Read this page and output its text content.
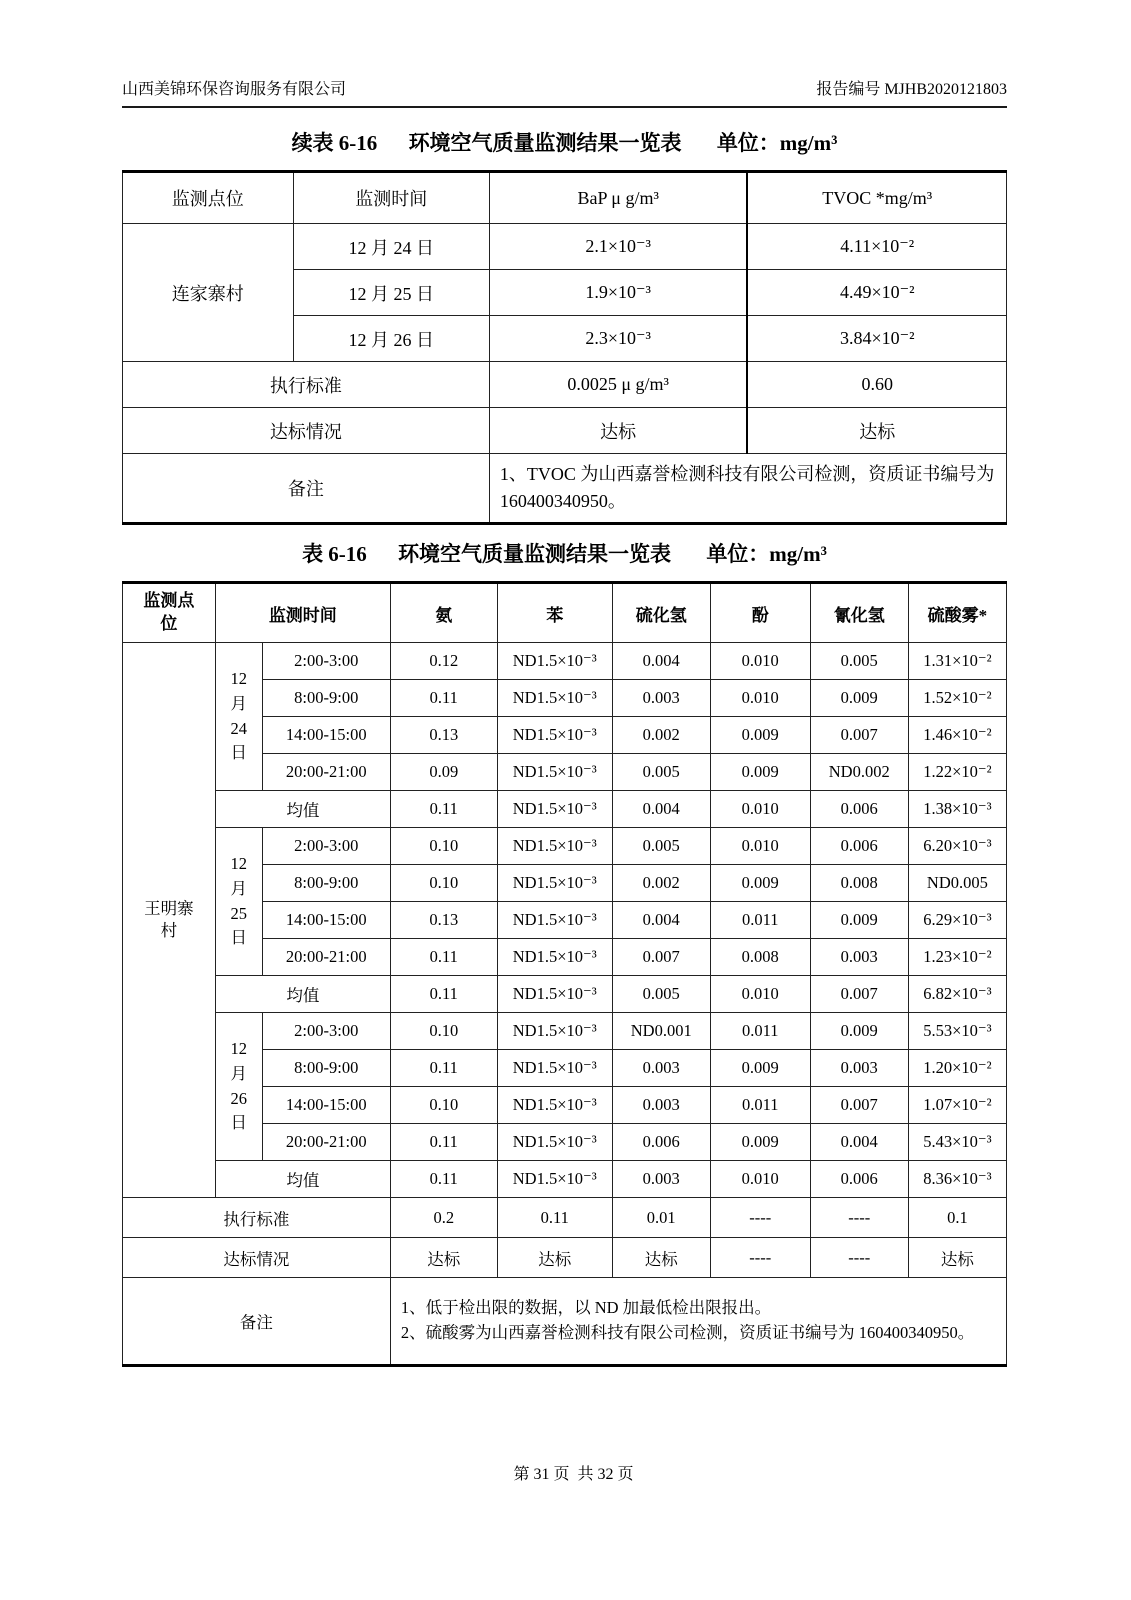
山西美锦环保咨询服务有限公司	报告编号 MJHB2020121803
续表 6-16 环境空气质量监测结果一览表 单位：mg/m³
监测点位	监测时间	BaP μ g/m³	TVOC *mg/m³
连家寨村	12 月 24 日	2.1×10⁻³	4.11×10⁻²
	12 月 25 日	1.9×10⁻³	4.49×10⁻²
	12 月 26 日	2.3×10⁻³	3.84×10⁻²
执行标准		0.0025 μ g/m³	0.60
达标情况		达标	达标
备注		1、TVOC 为山西嘉誉检测科技有限公司检测，资质证书编号为 160400340950。	
表 6-16 环境空气质量监测结果一览表 单位：mg/m³
监测点位	监测时间		氨	苯	硫化氢	酚	氰化氢	硫酸雾*
王明寨村	12
月
24
日	2:00-3:00	0.12	ND1.5×10⁻³	0.004	0.010	0.005	1.31×10⁻²
		8:00-9:00	0.11	ND1.5×10⁻³	0.003	0.010	0.009	1.52×10⁻²
		14:00-15:00	0.13	ND1.5×10⁻³	0.002	0.009	0.007	1.46×10⁻²
		20:00-21:00	0.09	ND1.5×10⁻³	0.005	0.009	ND0.002	1.22×10⁻²
	均值		0.11	ND1.5×10⁻³	0.004	0.010	0.006	1.38×10⁻³

	12
月
25
日	2:00-3:00	0.10	ND1.5×10⁻³	0.005	0.010	0.006	6.20×10⁻³
		8:00-9:00	0.10	ND1.5×10⁻³	0.002	0.009	0.008	ND0.005
		14:00-15:00	0.13	ND1.5×10⁻³	0.004	0.011	0.009	6.29×10⁻³
		20:00-21:00	0.11	ND1.5×10⁻³	0.007	0.008	0.003	1.23×10⁻²
	均值		0.11	ND1.5×10⁻³	0.005	0.010	0.007	6.82×10⁻³

	12
月
26
日	2:00-3:00	0.10	ND1.5×10⁻³	ND0.001	0.011	0.009	5.53×10⁻³
		8:00-9:00	0.11	ND1.5×10⁻³	0.003	0.009	0.003	1.20×10⁻²
		14:00-15:00	0.10	ND1.5×10⁻³	0.003	0.011	0.007	1.07×10⁻²
		20:00-21:00	0.11	ND1.5×10⁻³	0.006	0.009	0.004	5.43×10⁻³
	均值		0.11	ND1.5×10⁻³	0.003	0.010	0.006	8.36×10⁻³
执行标准			0.2	0.11	0.01	----	----	0.1
达标情况			达标	达标	达标	----	----	达标
备注			1、低于检出限的数据，以 ND 加最低检出限报出。
2、硫酸雾为山西嘉誉检测科技有限公司检测，资质证书编号为 160400340950。					

第 31 页  共 32 页
